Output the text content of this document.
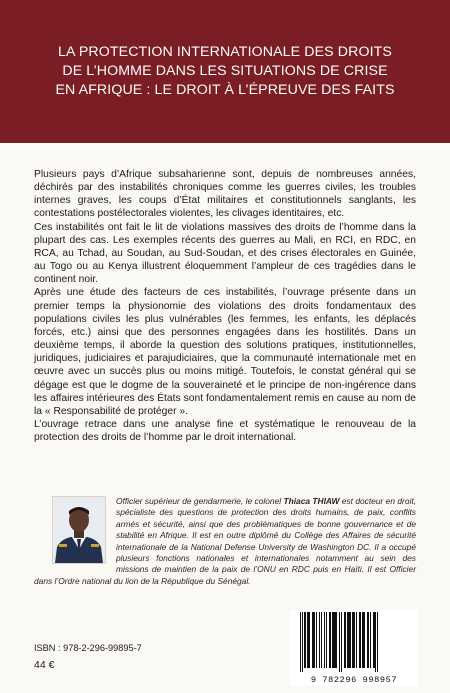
LA PROTECTION INTERNATIONALE DES DROITS
DE L’HOMME DANS LES SITUATIONS DE CRISE
EN AFRIQUE : LE DROIT À L’ÉPREUVE DES FAITS

Plusieurs pays d’Afrique subsaharienne sont, depuis de nombreuses années, déchirés par des instabilités chroniques comme les guerres civiles, les troubles internes graves, les coups d’État militaires et constitutionnels sanglants, les contestations postélectorales violentes, les clivages identitaires, etc.

Ces instabilités ont fait le lit de violations massives des droits de l’homme dans la plupart des cas. Les exemples récents des guerres au Mali, en RCI, en RDC, en RCA, au Tchad, au Soudan, au Sud-Soudan, et des crises électorales en Guinée, au Togo ou au Kenya illustrent éloquemment l’ampleur de ces tragédies dans le continent noir.

Après une étude des facteurs de ces instabilités, l’ouvrage présente dans un premier temps la physionomie des violations des droits fondamentaux des populations civiles les plus vulnérables (les femmes, les enfants, les déplacés forcés, etc.) ainsi que des personnes engagées dans les hostilités. Dans un deuxième temps, il aborde la question des solutions pratiques, institutionnelles, juridiques, judiciaires et parajudiciaires, que la communauté internationale met en œuvre avec un succès plus ou moins mitigé. Toutefois, le constat général qui se dégage est que le dogme de la souveraineté et le principe de non-ingérence dans les affaires intérieures des États sont fondamentalement remis en cause au nom de la « Responsabilité de protéger ».

L’ouvrage retrace dans une analyse fine et systématique le renouveau de la protection des droits de l’homme par le droit international.

Officier supérieur de gendarmerie, le colonel Thiaca THIAW est docteur en droit, spécialiste des questions de protection des droits humains, de paix, conflits armés et sécurité, ainsi que des problématiques de bonne gouvernance et de stabilité en Afrique. Il est en outre diplômé du Collège des Affaires de sécurité internationale de la National Defense University de Washington DC. Il a occupé plusieurs fonctions nationales et internationales notamment au sein des missions de maintien de la paix de l’ONU en RDC puis en Haïti. Il est Officier dans l’Ordre national du lion de la République du Sénégal.

ISBN : 978-2-296-99895-7
44 €
9 782296 998957
